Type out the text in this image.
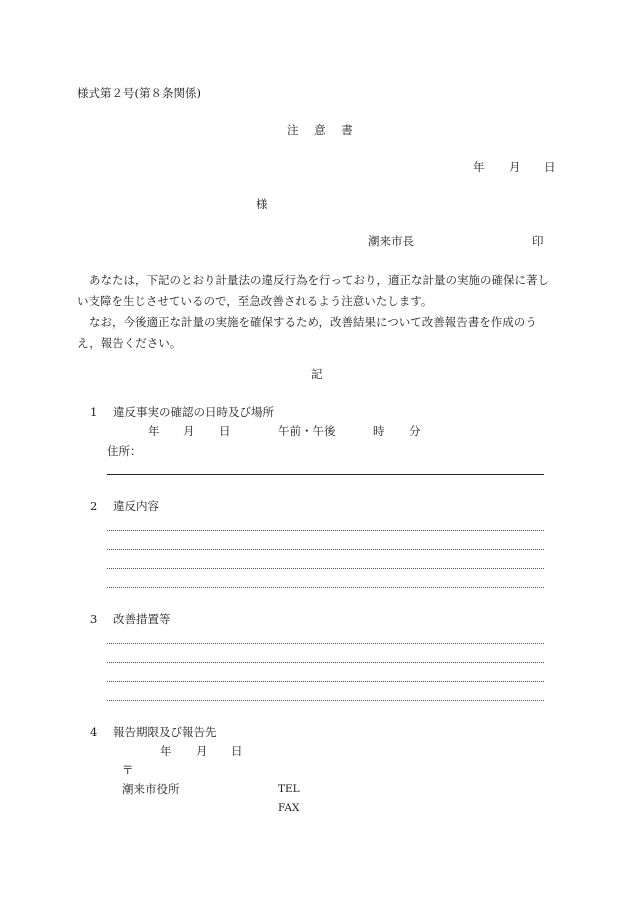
様式第２号(第８条関係)
注 意 書
年 月 日
様
潮来市長	印
あなたは，下記のとおり計量法の違反行為を行っており，適正な計量の実施の確保に著しい支障を生じさせているので，至急改善されるよう注意いたします。
なお，今後適正な計量の実施を確保するため，改善結果について改善報告書を作成のうえ，報告ください。
記
1 違反事実の確認の日時及び場所
年 月 日	午前・午後	時 分
住所：
2 違反内容
3 改善措置等
4 報告期限及び報告先
年 月 日
〒
潮来市役所	TEL
FAX
